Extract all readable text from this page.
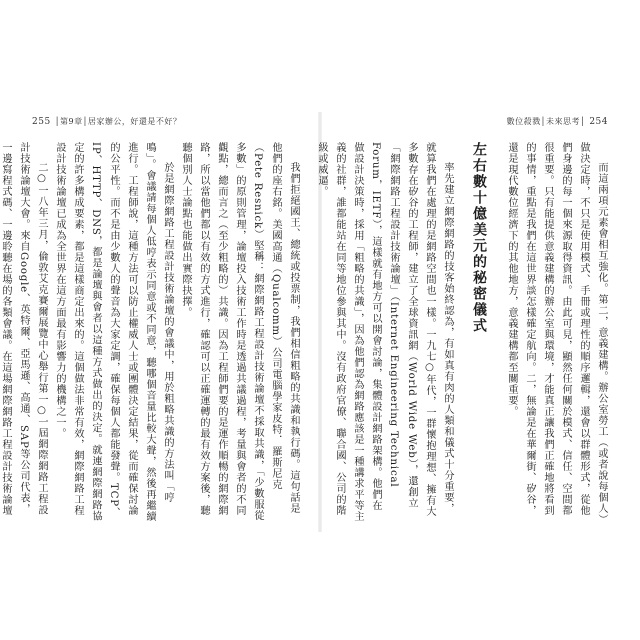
255 │第9章│居家辦公，好還是不好？

我們拒絕國王、總統或投票制，我們相信粗略的共識和執行碼。這句話是他們的座右銘。美國高通（Qualcomm）公司電腦學家皮特．羅斯尼克（Pete Resnick）堅稱：網際網路工程設計技術論壇不採取共識，「少數服從多數」的原則管理，論壇投入技術工作時是透過共議過程，考量與會者的不同觀點，總而言之（至少粗略的）共識。因為工程師們要的是運作順暢的網際網路，所以當他們都以有效的方式進行，確認可以正確運轉的最有效方案後，聽聽個別人士論點也能做出實際抉擇。

於是網際網路工程設計技術論壇的會議中，用於粗略共識的方法叫「哼鳴」。會議請每個人低哼表示同意或不同意，聽哪個音量比較大聲，然後再繼續進行。工程師說，這種方法可以防止權威人士或團體決定結果，從而確保討論的公平性。而不是由少數人的聲音為大家定調，確保每個人都能發聲。TCP、IP、HTTP、DNS，都是論壇與會者以這種方式做出的決定。就連網際網路協定的許多構成要素，都是這樣商定出來的。這個做法非常有效，網際網路工程設計技術論壇已成為全世界在這方面最有影響力的機構之一。

二○一八年三月，倫敦艾克賽爾展覽中心舉行第一○一屆網際網路工程設計技術論壇大會。來自Google、英特爾、亞馬遜、高通、SAP等公司代表，一邊寫程式碼、一邊聆聽在場的各類會議。在這場網際網路工程設計技術論壇

數位殺戮│未來思考│ 254

而這兩項元素會相互強化。第二，意義建構。辦公室勞工（或者說每個人）做決定時，不只是使用模式、手冊或理性的順序邏輯，還會以群體形式，從他們身邊的每一個來源取得資訊。由此可見，顯然任何關於模式、信任、空間都很重要。只有能提供意義建構的辦公室與環境，才能真正讓我們正確地將看到的事情，重點是我們在這世界談怎樣確定航向。二，無論是在華爾街、矽谷，還是現代數位經濟下的其他地方，意義建構都至關重要。

左右數十億美元的秘密儀式

率先建立網際網路的技客始終認為，有如真有肉的人類和儀式十分重要，就算我們在處理的是網路空間也一樣。一九七○年代，一群懷抱理想、擁有大多數存在矽谷的工程師，建立了全球資訊網（World Wide Web），還創立「網際網路工程設計技術論壇」（Internet Engineering Technical Forum，IETF），這樣就有地方可以開會討論，集體設計網路架構。他們在做設計決策時，採用「粗略的共識」，因為他們認為網路應該是一種講求平等主義的社群，誰都能站在同等地位參與其中。沒有政府官僚、聯合國、公司的階級或威逼。
